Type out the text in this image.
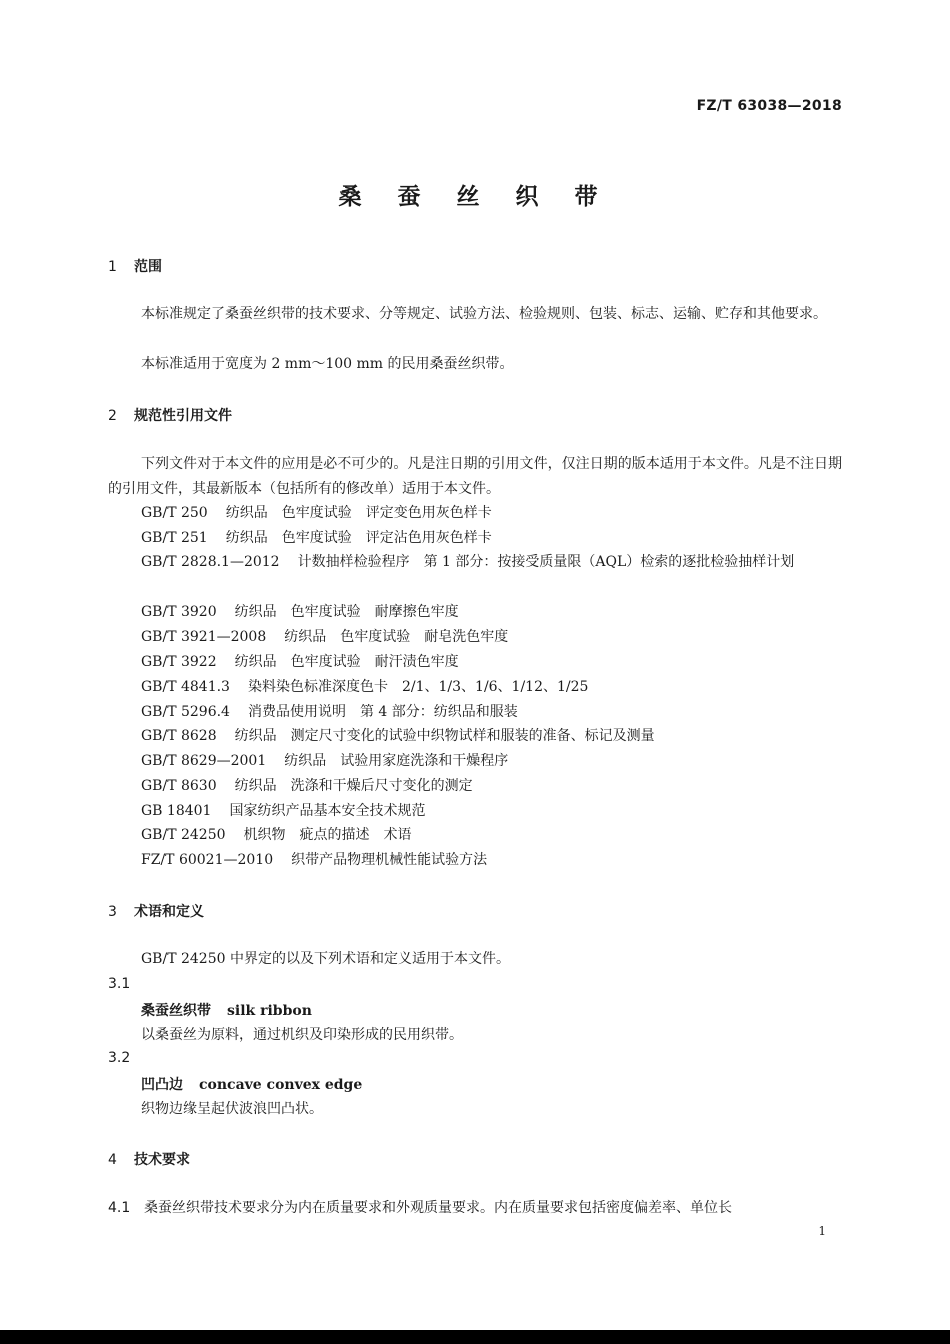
FZ/T 63038—2018
桑 蚕 丝 织 带
1 范围
本标准规定了桑蚕丝织带的技术要求、分等规定、试验方法、检验规则、包装、标志、运输、贮存和其他要求。
本标准适用于宽度为 2 mm～100 mm 的民用桑蚕丝织带。
2 规范性引用文件
下列文件对于本文件的应用是必不可少的。凡是注日期的引用文件，仅注日期的版本适用于本文件。凡是不注日期的引用文件，其最新版本（包括所有的修改单）适用于本文件。
GB/T 250 纺织品　色牢度试验　评定变色用灰色样卡
GB/T 251 纺织品　色牢度试验　评定沾色用灰色样卡
GB/T 2828.1—2012 计数抽样检验程序　第 1 部分：按接受质量限（AQL）检索的逐批检验抽样计划
GB/T 3920 纺织品　色牢度试验　耐摩擦色牢度
GB/T 3921—2008 纺织品　色牢度试验　耐皂洗色牢度
GB/T 3922 纺织品　色牢度试验　耐汗渍色牢度
GB/T 4841.3 染料染色标准深度色卡　2/1、1/3、1/6、1/12、1/25
GB/T 5296.4 消费品使用说明　第 4 部分：纺织品和服装
GB/T 8628 纺织品　测定尺寸变化的试验中织物试样和服装的准备、标记及测量
GB/T 8629—2001 纺织品　试验用家庭洗涤和干燥程序
GB/T 8630 纺织品　洗涤和干燥后尺寸变化的测定
GB 18401 国家纺织产品基本安全技术规范
GB/T 24250 机织物　疵点的描述　术语
FZ/T 60021—2010 织带产品物理机械性能试验方法
3 术语和定义
GB/T 24250 中界定的以及下列术语和定义适用于本文件。
3.1
桑蚕丝织带 silk ribbon
以桑蚕丝为原料，通过机织及印染形成的民用织带。
3.2
凹凸边 concave convex edge
织物边缘呈起伏波浪凹凸状。
4 技术要求
4.1 桑蚕丝织带技术要求分为内在质量要求和外观质量要求。内在质量要求包括密度偏差率、单位长
1
